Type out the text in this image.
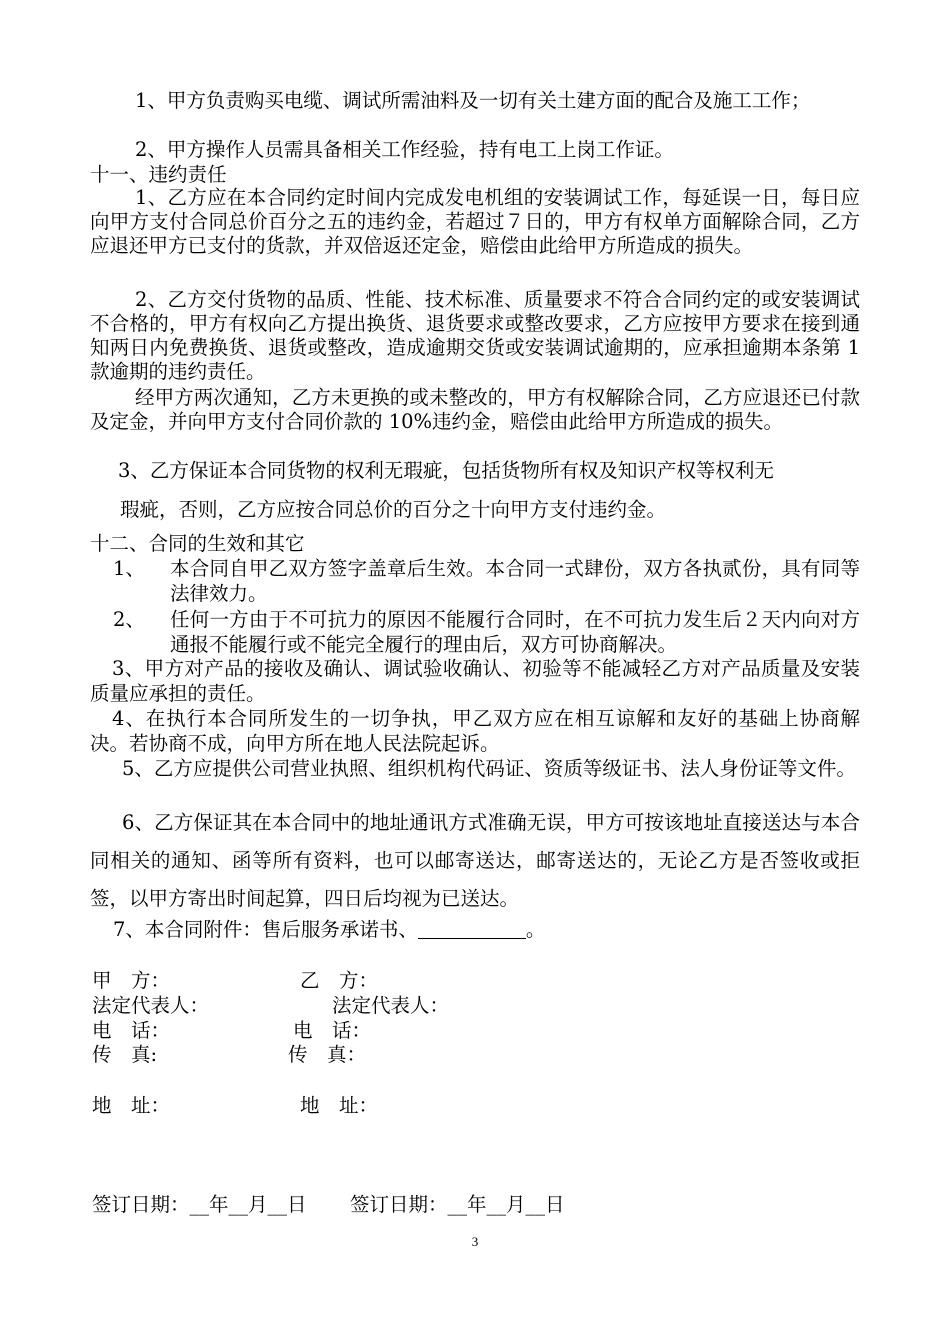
1、甲方负责购买电缆、调试所需油料及一切有关土建方面的配合及施工工作；
2、甲方操作人员需具备相关工作经验，持有电工上岗工作证。
十一、违约责任
1、乙方应在本合同约定时间内完成发电机组的安装调试工作，每延误一日，每日应向甲方支付合同总价百分之五的违约金，若超过７日的，甲方有权单方面解除合同，乙方应退还甲方已支付的货款，并双倍返还定金，赔偿由此给甲方所造成的损失。
2、乙方交付货物的品质、性能、技术标准、质量要求不符合合同约定的或安装调试不合格的，甲方有权向乙方提出换货、退货要求或整改要求，乙方应按甲方要求在接到通知两日内免费换货、退货或整改，造成逾期交货或安装调试逾期的，应承担逾期本条第 1 款逾期的违约责任。
经甲方两次通知，乙方未更换的或未整改的，甲方有权解除合同，乙方应退还已付款及定金，并向甲方支付合同价款的 10%违约金，赔偿由此给甲方所造成的损失。
3、乙方保证本合同货物的权利无瑕疵，包括货物所有权及知识产权等权利无
瑕疵，否则，乙方应按合同总价的百分之十向甲方支付违约金。
十二、合同的生效和其它
1、 本合同自甲乙双方签字盖章后生效。本合同一式肆份，双方各执贰份，具有同等法律效力。
2、 任何一方由于不可抗力的原因不能履行合同时，在不可抗力发生后２天内向对方通报不能履行或不能完全履行的理由后，双方可协商解决。
3、甲方对产品的接收及确认、调试验收确认、初验等不能减轻乙方对产品质量及安装质量应承担的责任。
4、在执行本合同所发生的一切争执，甲乙双方应在相互谅解和友好的基础上协商解决。若协商不成，向甲方所在地人民法院起诉。
5、乙方应提供公司营业执照、组织机构代码证、资质等级证书、法人身份证等文件。
6、乙方保证其在本合同中的地址通讯方式准确无误，甲方可按该地址直接送达与本合同相关的通知、函等所有资料，也可以邮寄送达，邮寄送达的，无论乙方是否签收或拒签，以甲方寄出时间起算，四日后均视为已送达。
7、本合同附件：售后服务承诺书、	。
甲　方：	乙　方：
法定代表人：	法定代表人：
电　话：	电　话：
传　真:	传　真：
地　址：	地　址：
签订日期：__年__月__日 签订日期：__年__月__日
3
